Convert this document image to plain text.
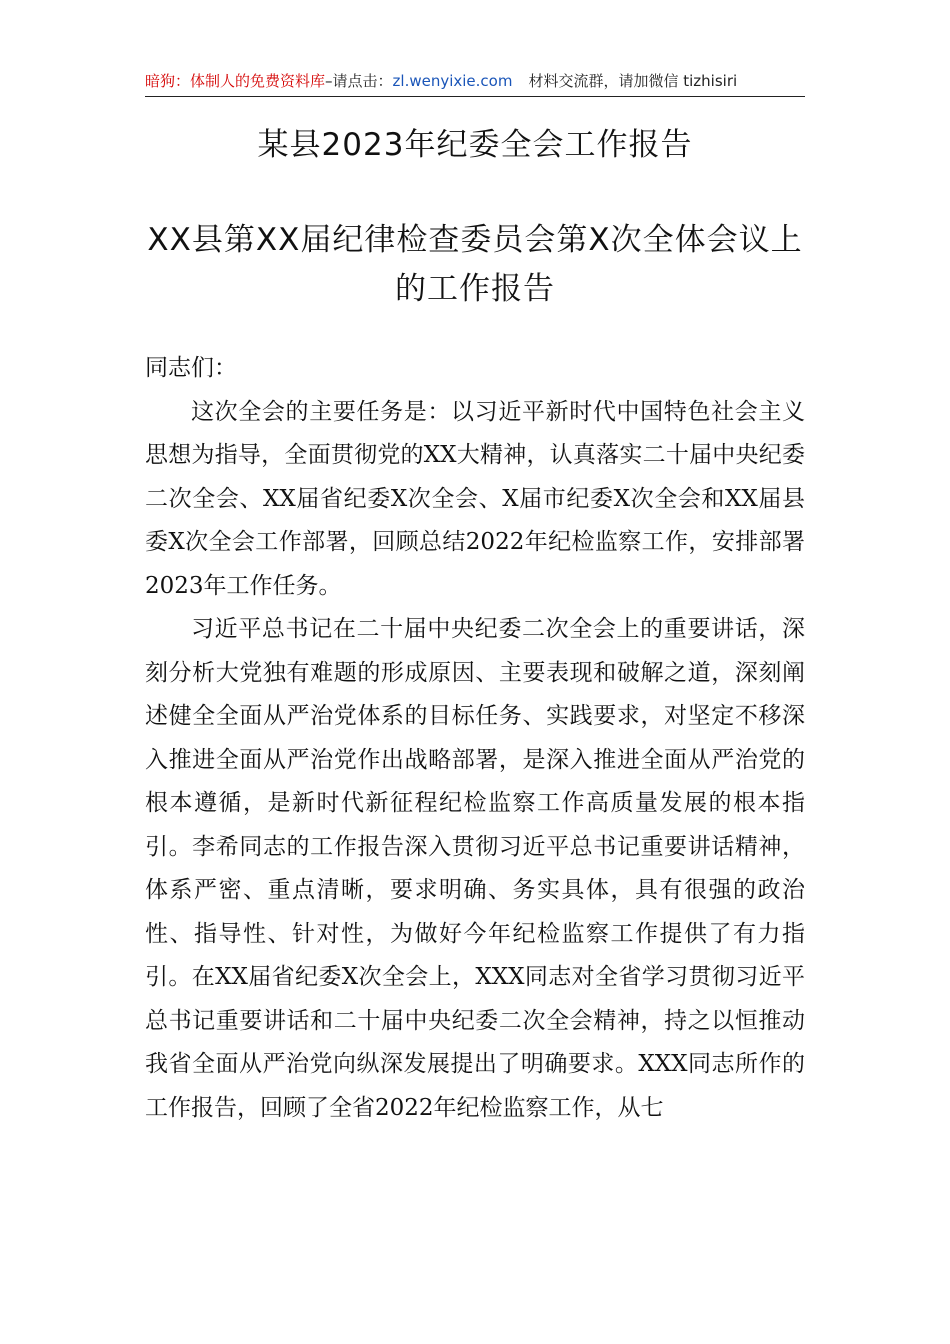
暗狗：体制人的免费资料库–请点击：zl.wenyixie.com 材料交流群，请加微信 tizhisiri
某县2023年纪委全会工作报告
XX县第XX届纪律检查委员会第X次全体会议上的工作报告

同志们：

这次全会的主要任务是：以习近平新时代中国特色社会主义思想为指导，全面贯彻党的XX大精神，认真落实二十届中央纪委二次全会、XX届省纪委X次全会、X届市纪委X次全会和XX届县委X次全会工作部署，回顾总结2022年纪检监察工作，安排部署2023年工作任务。

习近平总书记在二十届中央纪委二次全会上的重要讲话，深刻分析大党独有难题的形成原因、主要表现和破解之道，深刻阐述健全全面从严治党体系的目标任务、实践要求，对坚定不移深入推进全面从严治党作出战略部署，是深入推进全面从严治党的根本遵循，是新时代新征程纪检监察工作高质量发展的根本指引。李希同志的工作报告深入贯彻习近平总书记重要讲话精神，体系严密、重点清晰，要求明确、务实具体，具有很强的政治性、指导性、针对性，为做好今年纪检监察工作提供了有力指引。在XX届省纪委X次全会上，XXX同志对全省学习贯彻习近平总书记重要讲话和二十届中央纪委二次全会精神，持之以恒推动我省全面从严治党向纵深发展提出了明确要求。XXX同志所作的工作报告，回顾了全省2022年纪检监察工作，从七
